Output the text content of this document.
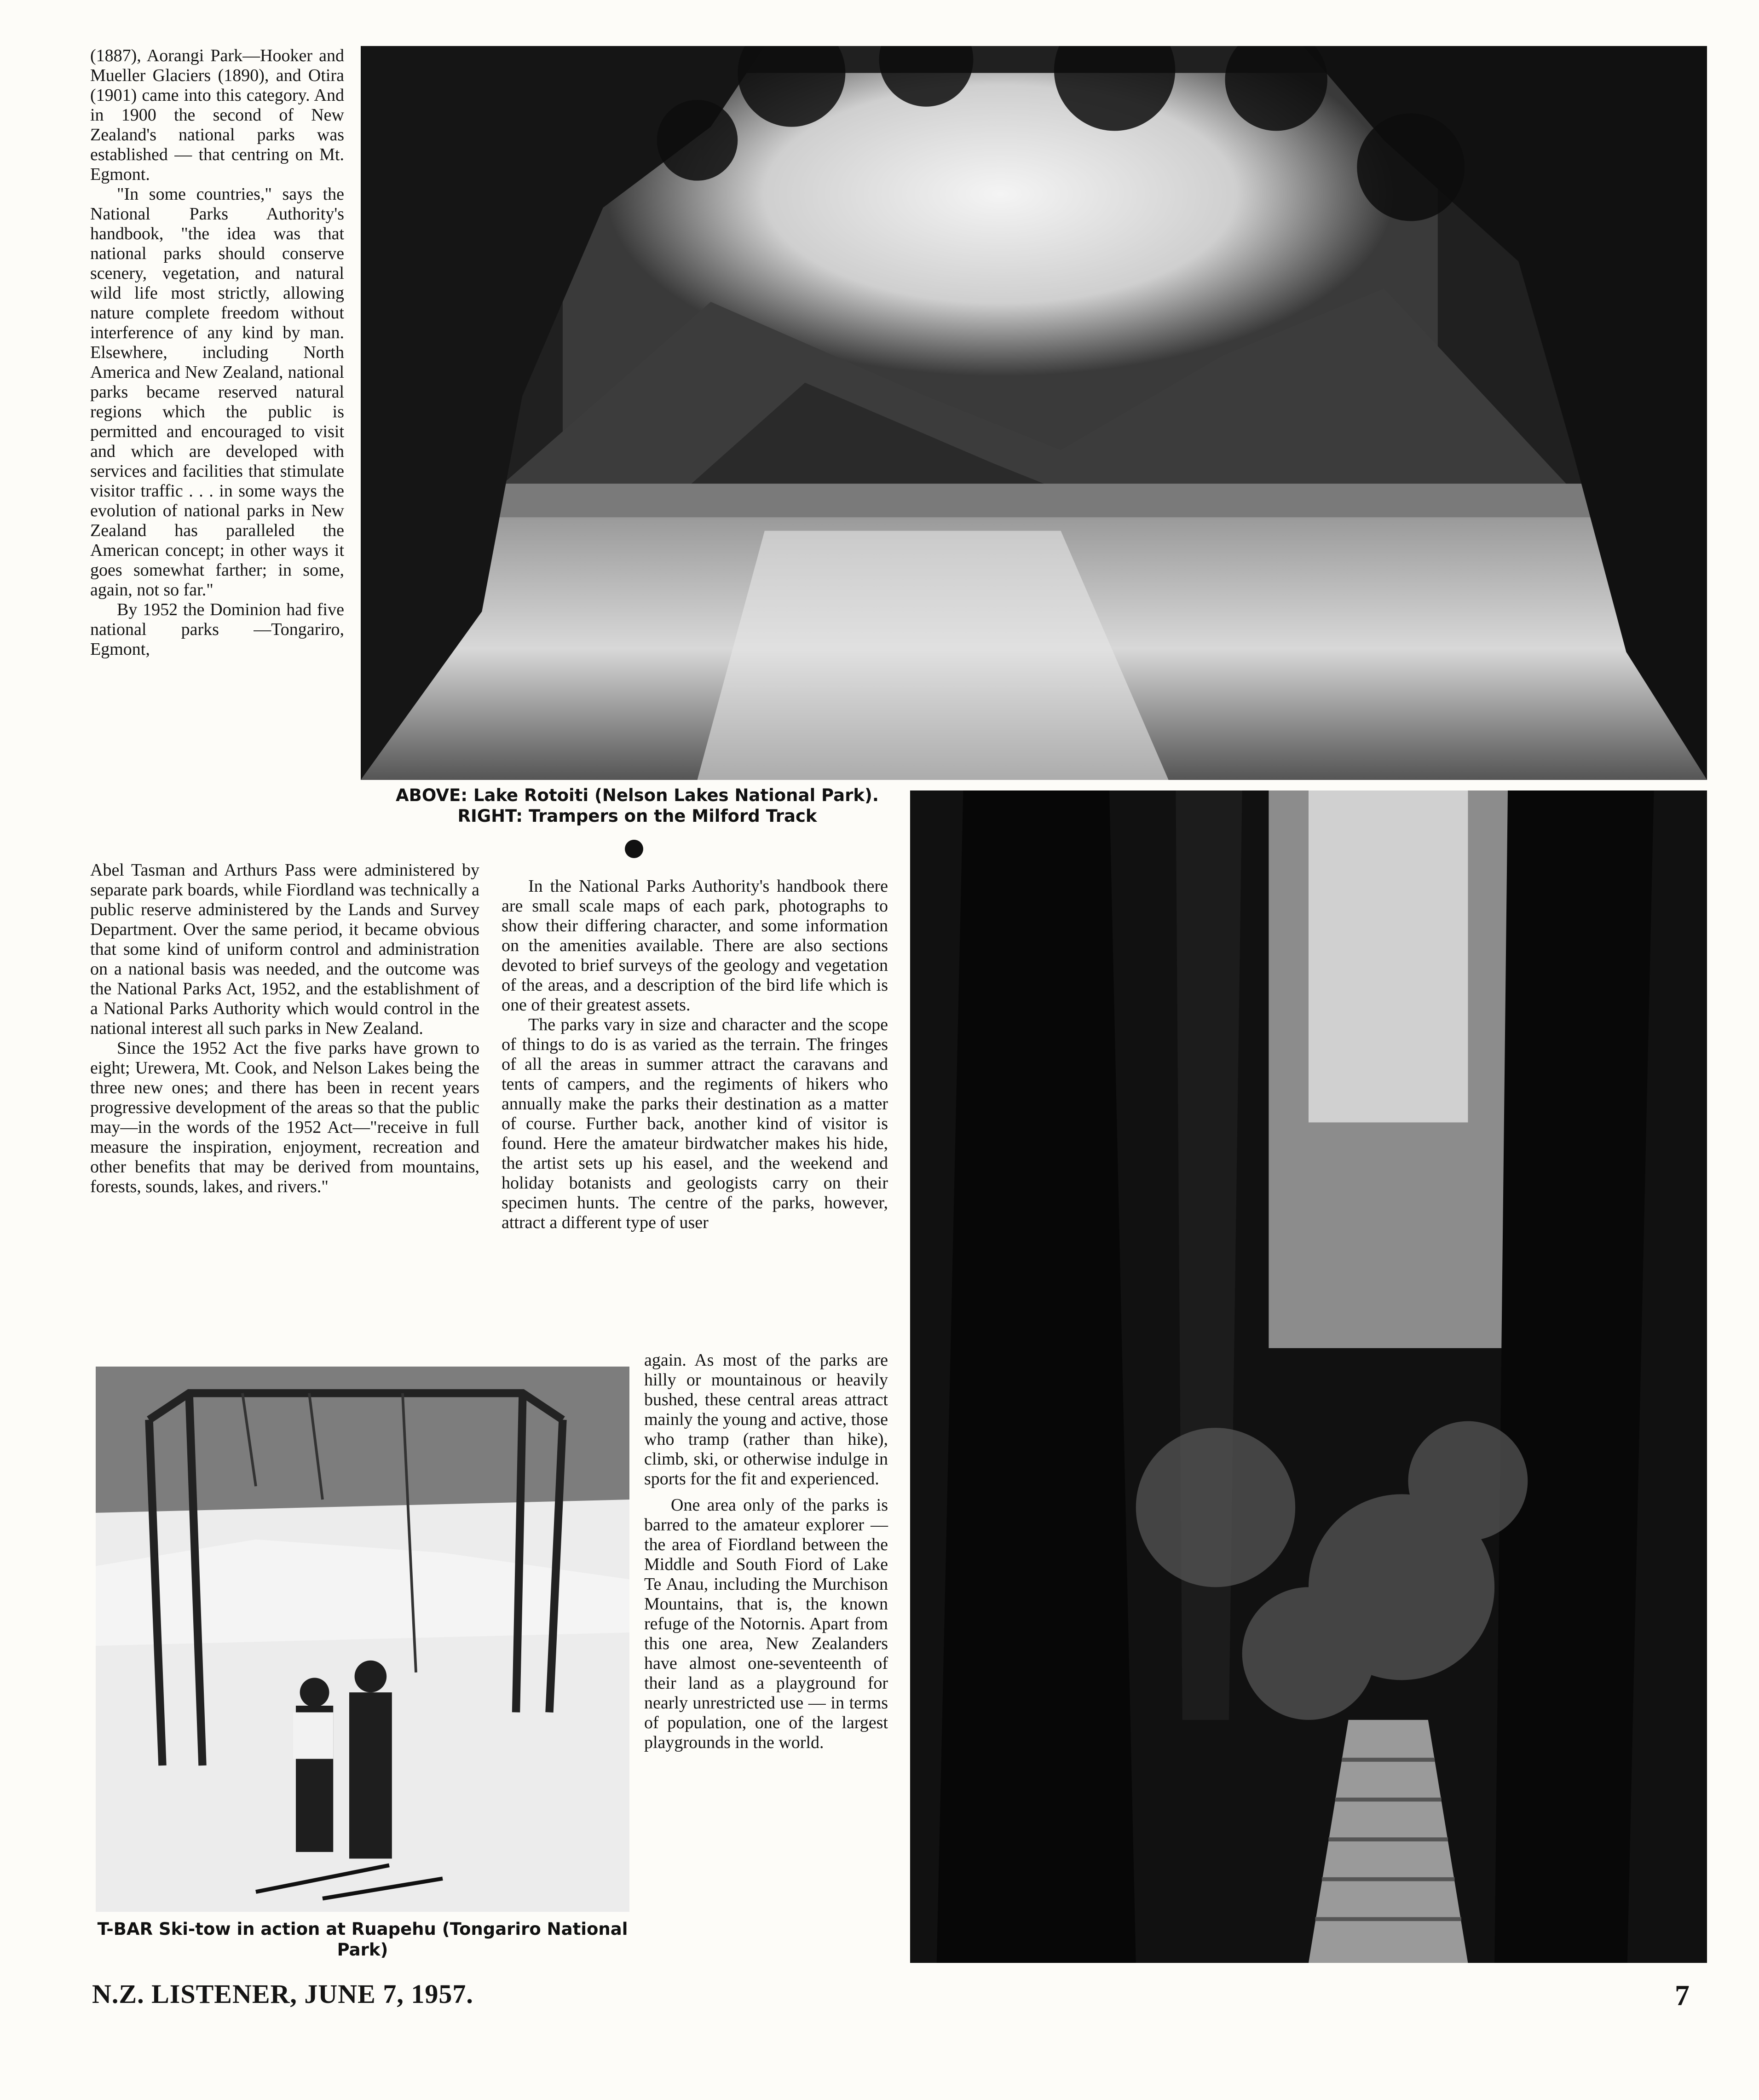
(1887), Aorangi Park—Hooker and Mueller Glaciers (1890), and Otira (1901) came into this category. And in 1900 the second of New Zealand's national parks was established — that centring on Mt. Egmont.

"In some countries," says the National Parks Authority's handbook, "the idea was that national parks should conserve scenery, vegetation, and natural wild life most strictly, allowing nature complete freedom without interference of any kind by man. Elsewhere, including North America and New Zealand, national parks became reserved natural regions which the public is permitted and encouraged to visit and which are developed with services and facilities that stimulate visitor traffic . . . in some ways the evolution of national parks in New Zealand has paralleled the American concept; in other ways it goes somewhat farther; in some, again, not so far."

By 1952 the Dominion had five national parks —Tongariro, Egmont,

Abel Tasman and Arthurs Pass were administered by separate park boards, while Fiordland was technically a public reserve administered by the Lands and Survey Department. Over the same period, it became obvious that some kind of uniform control and administration on a national basis was needed, and the outcome was the National Parks Act, 1952, and the establishment of a National Parks Authority which would control in the national interest all such parks in New Zealand.

Since the 1952 Act the five parks have grown to eight; Urewera, Mt. Cook, and Nelson Lakes being the three new ones; and there has been in recent years progressive development of the areas so that the public may—in the words of the 1952 Act—"receive in full measure the inspiration, enjoyment, recreation and other benefits that may be derived from mountains, forests, sounds, lakes, and rivers."

ABOVE: Lake Rotoiti (Nelson Lakes National Park). RIGHT: Trampers on the Milford Track

In the National Parks Authority's handbook there are small scale maps of each park, photographs to show their differing character, and some information on the amenities available. There are also sections devoted to brief surveys of the geology and vegetation of the areas, and a description of the bird life which is one of their greatest assets.

The parks vary in size and character and the scope of things to do is as varied as the terrain. The fringes of all the areas in summer attract the caravans and tents of campers, and the regiments of hikers who annually make the parks their destination as a matter of course. Further back, another kind of visitor is found. Here the amateur birdwatcher makes his hide, the artist sets up his easel, and the weekend and holiday botanists and geologists carry on their specimen hunts. The centre of the parks, however, attract a different type of user

again. As most of the parks are hilly or mountainous or heavily bushed, these central areas attract mainly the young and active, those who tramp (rather than hike), climb, ski, or otherwise indulge in sports for the fit and experienced.

One area only of the parks is barred to the amateur explorer — the area of Fiordland between the Middle and South Fiord of Lake Te Anau, including the Murchison Mountains, that is, the known refuge of the Notornis. Apart from this one area, New Zealanders have almost one-seventeenth of their land as a playground for nearly unrestricted use — in terms of population, one of the largest playgrounds in the world.

T-BAR Ski-tow in action at Ruapehu (Tongariro National Park)
N.Z. LISTENER, JUNE 7, 1957.	7
